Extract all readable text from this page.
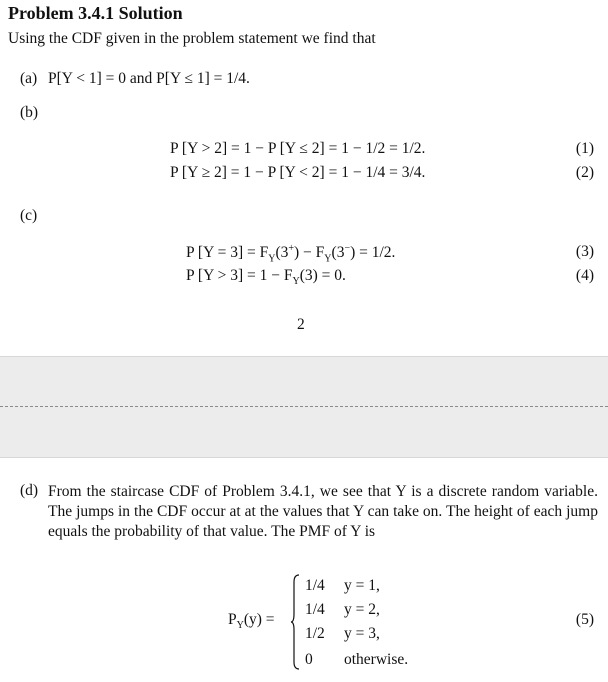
Problem 3.4.1 Solution
Using the CDF given in the problem statement we find that
(a) P[Y < 1] = 0 and P[Y ≤ 1] = 1/4.
(b)
P [Y > 2] = 1 − P [Y ≤ 2] = 1 − 1/2 = 1/2.	(1)
P [Y ≥ 2] = 1 − P [Y < 2] = 1 − 1/4 = 3/4.	(2)
(c)
P $[Y = 3] = F_Y(3^+) - F_Y(3^-) = 1/2$.	(3)
P $[Y > 3] = 1 - F_Y(3) = 0$.	(4)
2
(d) From the staircase CDF of Problem 3.4.1, we see that Y is a discrete random variable. The jumps in the CDF occur at at the values that Y can take on. The height of each jump equals the probability of that value. The PMF of Y is
$P_Y(y)$ =
1/4 y = 1,
1/4 y = 2,
1/2 y = 3,
0 otherwise.
(5)
